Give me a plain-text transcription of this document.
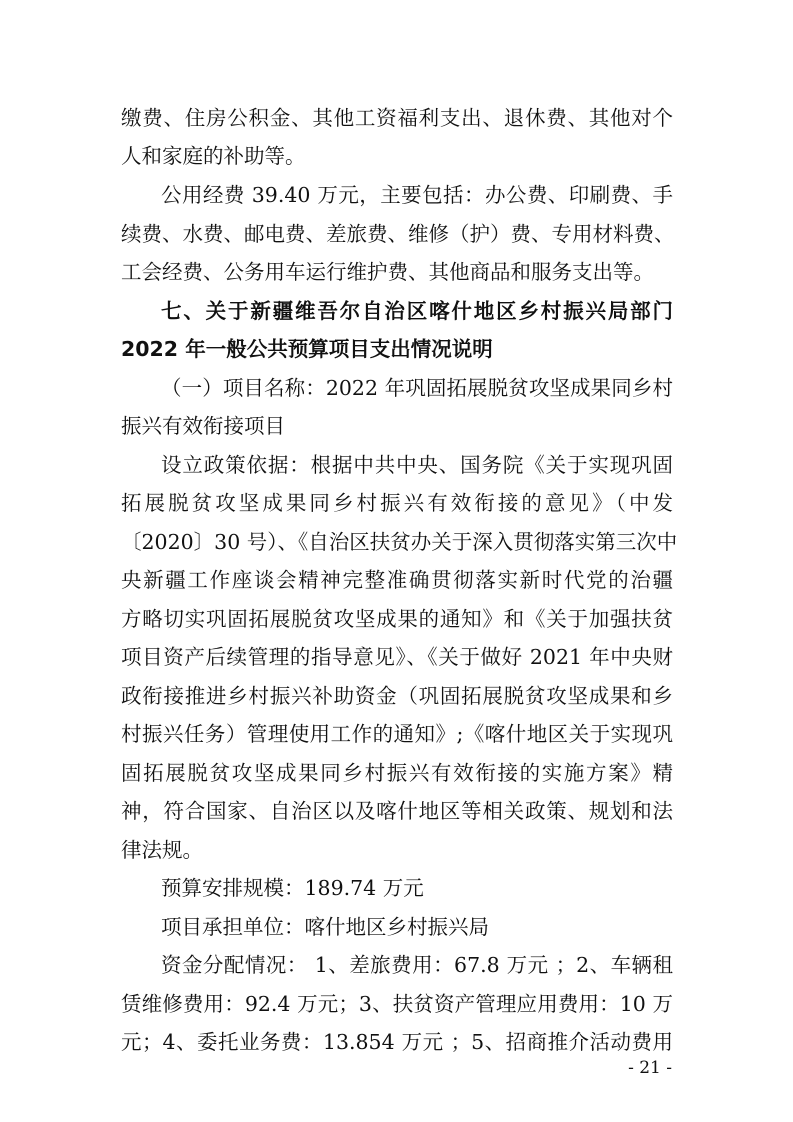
缴费、住房公积金、其他工资福利支出、退休费、其他对个
人和家庭的补助等。
公用经费 39.40 万元，主要包括：办公费、印刷费、手
续费、水费、邮电费、差旅费、维修（护）费、专用材料费、
工会经费、公务用车运行维护费、其他商品和服务支出等。
七、关于新疆维吾尔自治区喀什地区乡村振兴局部门
2022 年一般公共预算项目支出情况说明
（一）项目名称：2022 年巩固拓展脱贫攻坚成果同乡村
振兴有效衔接项目
设立政策依据：根据中共中央、国务院《关于实现巩固
拓展脱贫攻坚成果同乡村振兴有效衔接的意见》（中发
〔2020〕30 号）、《自治区扶贫办关于深入贯彻落实第三次中
央新疆工作座谈会精神完整准确贯彻落实新时代党的治疆
方略切实巩固拓展脱贫攻坚成果的通知》和《关于加强扶贫
项目资产后续管理的指导意见》、《关于做好 2021 年中央财
政衔接推进乡村振兴补助资金（巩固拓展脱贫攻坚成果和乡
村振兴任务）管理使用工作的通知》;《喀什地区关于实现巩
固拓展脱贫攻坚成果同乡村振兴有效衔接的实施方案》精
神，符合国家、自治区以及喀什地区等相关政策、规划和法
律法规。
预算安排规模：189.74 万元
项目承担单位：喀什地区乡村振兴局
资金分配情况： 1、差旅费用：67.8 万元 ；2、车辆租
赁维修费用：92.4 万元；3、扶贫资产管理应用费用：10 万
元；4、委托业务费：13.854 万元 ；5、招商推介活动费用
- 21 -
